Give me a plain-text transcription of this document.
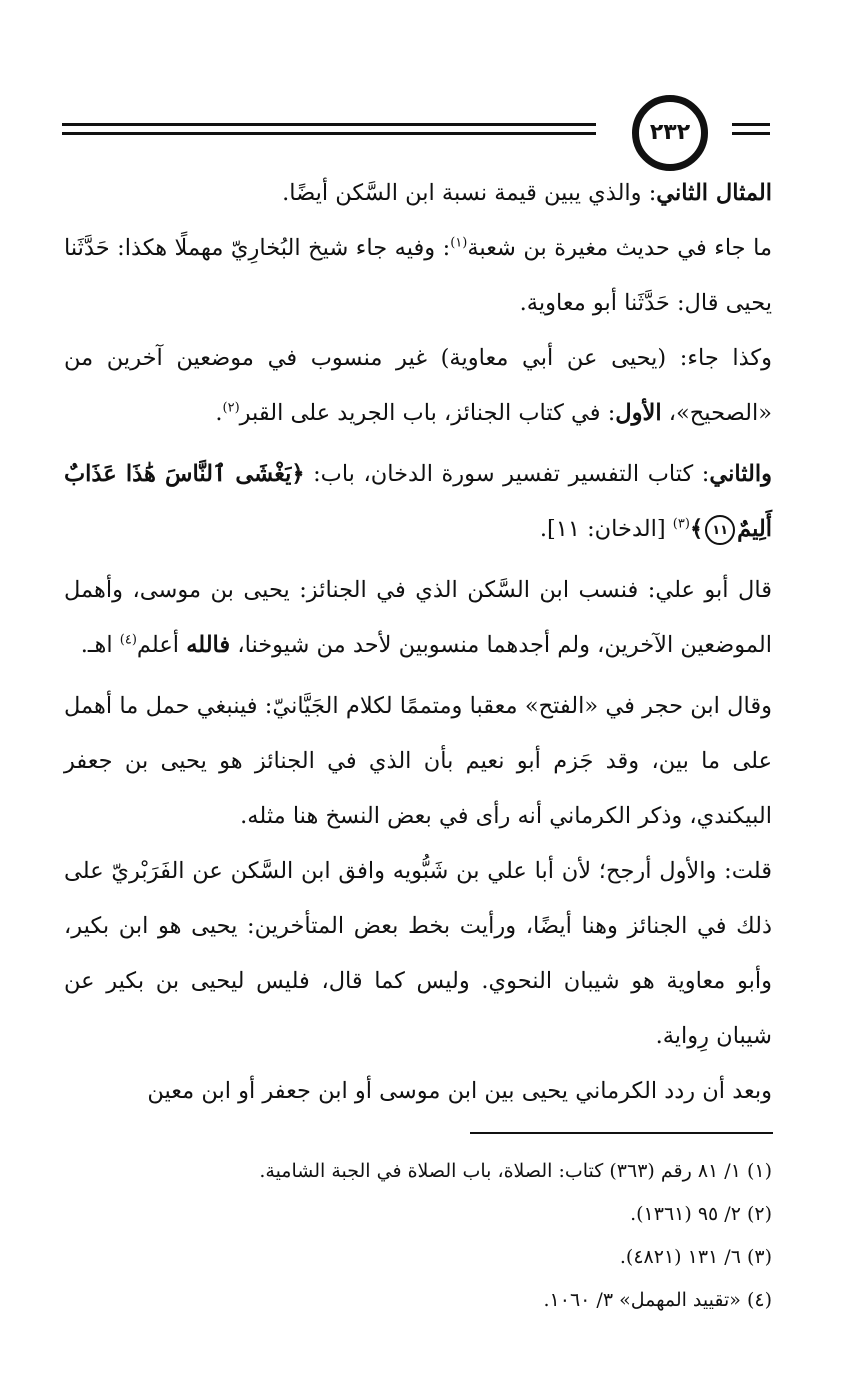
٢٣٢

المثال الثاني: والذي يبين قيمة نسبة ابن السَّكن أيضًا.

ما جاء في حديث مغيرة بن شعبة$^{(١)}$: وفيه جاء شيخ البُخارِيّ مهملًا هكذا: حَدَّثَنا يحيى قال: حَدَّثَنا أبو معاوية.

وكذا جاء: (يحيى عن أبي معاوية) غير منسوب في موضعين آخرين من «الصحيح»، الأول: في كتاب الجنائز، باب الجريد على القبر$^{(٢)}$.

والثاني: كتاب التفسير تفسير سورة الدخان، باب: ﴿يَغْشَى ٱلنَّاسَ هَٰذَا عَذَابٌ أَلِيمٌ١١﴾$^{(٣)}$ [الدخان: ١١].

قال أبو علي: فنسب ابن السَّكن الذي في الجنائز: يحيى بن موسى، وأهمل الموضعين الآخرين، ولم أجدهما منسوبين لأحد من شيوخنا، فالله أعلم$^{(٤)}$ اهـ.

وقال ابن حجر في «الفتح» معقبا ومتممًا لكلام الجَيَّانيّ: فينبغي حمل ما أهمل على ما بين، وقد جَزم أبو نعيم بأن الذي في الجنائز هو يحيى بن جعفر البيكندي، وذكر الكرماني أنه رأى في بعض النسخ هنا مثله.

قلت: والأول أرجح؛ لأن أبا علي بن شَبُّويه وافق ابن السَّكن عن الفَرَبْريّ على ذلك في الجنائز وهنا أيضًا، ورأيت بخط بعض المتأخرين: يحيى هو ابن بكير، وأبو معاوية هو شيبان النحوي. وليس كما قال، فليس ليحيى بن بكير عن شيبان رِواية.

وبعد أن ردد الكرماني يحيى بين ابن موسى أو ابن جعفر أو ابن معين

(١) ١/ ٨١ رقم (٣٦٣) كتاب: الصلاة، باب الصلاة في الجبة الشامية.

(٢) ٢/ ٩٥ (١٣٦١).

(٣) ٦/ ١٣١ (٤٨٢١).

(٤) «تقييد المهمل» ٣/ ١٠٦٠.
